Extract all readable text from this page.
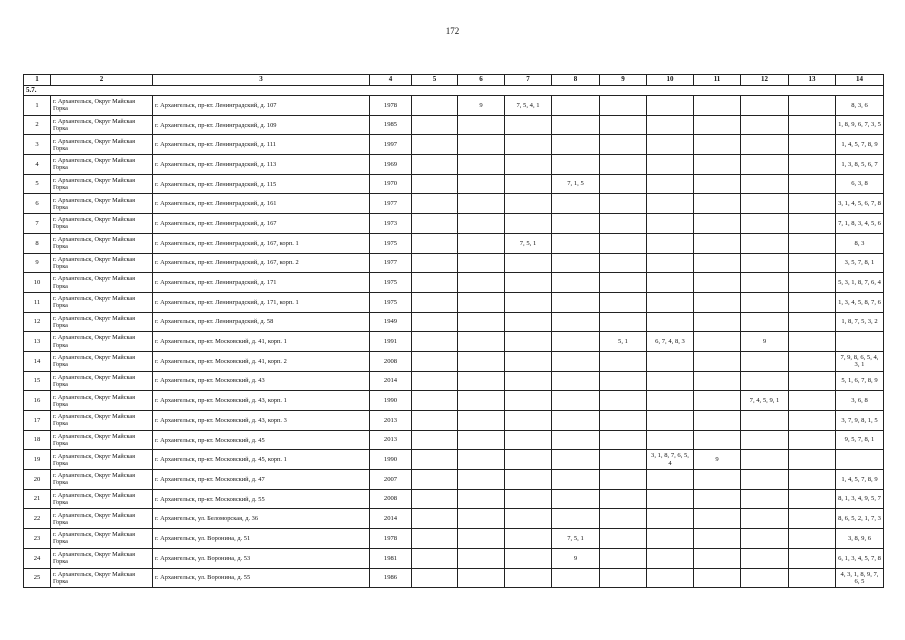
172
1	2	3	4	5	6	7	8	9	10	11	12	13	14
5.7.													
1	г. Архангельск, Округ Майская Горка	г. Архангельск, пр-кт. Ленинградский, д. 107	1978		9	7, 5, 4, 1							8, 3, 6
2	г. Архангельск, Округ Майская Горка	г. Архангельск, пр-кт. Ленинградский, д. 109	1985										1, 8, 9, 6, 7, 3, 5
3	г. Архангельск, Округ Майская Горка	г. Архангельск, пр-кт. Ленинградский, д. 111	1997										1, 4, 5, 7, 8, 9
4	г. Архангельск, Округ Майская Горка	г. Архангельск, пр-кт. Ленинградский, д. 113	1969										1, 3, 8, 5, 6, 7
5	г. Архангельск, Округ Майская Горка	г. Архангельск, пр-кт. Ленинградский, д. 115	1970				7, 1, 5						6, 3, 8
6	г. Архангельск, Округ Майская Горка	г. Архангельск, пр-кт. Ленинградский, д. 161	1977										3, 1, 4, 5, 6, 7, 8
7	г. Архангельск, Округ Майская Горка	г. Архангельск, пр-кт. Ленинградский, д. 167	1973										7, 1, 8, 3, 4, 5, 6
8	г. Архангельск, Округ Майская Горка	г. Архангельск, пр-кт. Ленинградский, д. 167, корп. 1	1975			7, 5, 1							8, 3
9	г. Архангельск, Округ Майская Горка	г. Архангельск, пр-кт. Ленинградский, д. 167, корп. 2	1977										3, 5, 7, 8, 1
10	г. Архангельск, Округ Майская Горка	г. Архангельск, пр-кт. Ленинградский, д. 171	1975										5, 3, 1, 8, 7, 6, 4
11	г. Архангельск, Округ Майская Горка	г. Архангельск, пр-кт. Ленинградский, д. 171, корп. 1	1975										1, 3, 4, 5, 8, 7, 6
12	г. Архангельск, Округ Майская Горка	г. Архангельск, пр-кт. Ленинградский, д. 58	1949										1, 8, 7, 5, 3, 2
13	г. Архангельск, Округ Майская Горка	г. Архангельск, пр-кт. Московский, д. 41, корп. 1	1991					5, 1	6, 7, 4, 8, 3		9		
14	г. Архангельск, Округ Майская Горка	г. Архангельск, пр-кт. Московский, д. 41, корп. 2	2008										7, 9, 8, 6, 5, 4, 3, 1
15	г. Архангельск, Округ Майская Горка	г. Архангельск, пр-кт. Московский, д. 43	2014										5, 1, 6, 7, 8, 9
16	г. Архангельск, Округ Майская Горка	г. Архангельск, пр-кт. Московский, д. 43, корп. 1	1990								7, 4, 5, 9, 1		3, 6, 8
17	г. Архангельск, Округ Майская Горка	г. Архангельск, пр-кт. Московский, д. 43, корп. 3	2013										3, 7, 9, 8, 1, 5
18	г. Архангельск, Округ Майская Горка	г. Архангельск, пр-кт. Московский, д. 45	2013										9, 5, 7, 8, 1
19	г. Архангельск, Округ Майская Горка	г. Архангельск, пр-кт. Московский, д. 45, корп. 1	1990						3, 1, 8, 7, 6, 5, 4	9			
20	г. Архангельск, Округ Майская Горка	г. Архангельск, пр-кт. Московский, д. 47	2007										1, 4, 5, 7, 8, 9
21	г. Архангельск, Округ Майская Горка	г. Архангельск, пр-кт. Московский, д. 55	2008										8, 1, 3, 4, 9, 5, 7
22	г. Архангельск, Округ Майская Горка	г. Архангельск, ул. Беломорская, д. 36	2014										8, 6, 5, 2, 1, 7, 3
23	г. Архангельск, Округ Майская Горка	г. Архангельск, ул. Воронина, д. 51	1978				7, 5, 1						3, 8, 9, 6
24	г. Архангельск, Округ Майская Горка	г. Архангельск, ул. Воронина, д. 53	1981				9						6, 1, 3, 4, 5, 7, 8
25	г. Архангельск, Округ Майская Горка	г. Архангельск, ул. Воронина, д. 55	1986										4, 3, 1, 8, 9, 7, 6, 5
